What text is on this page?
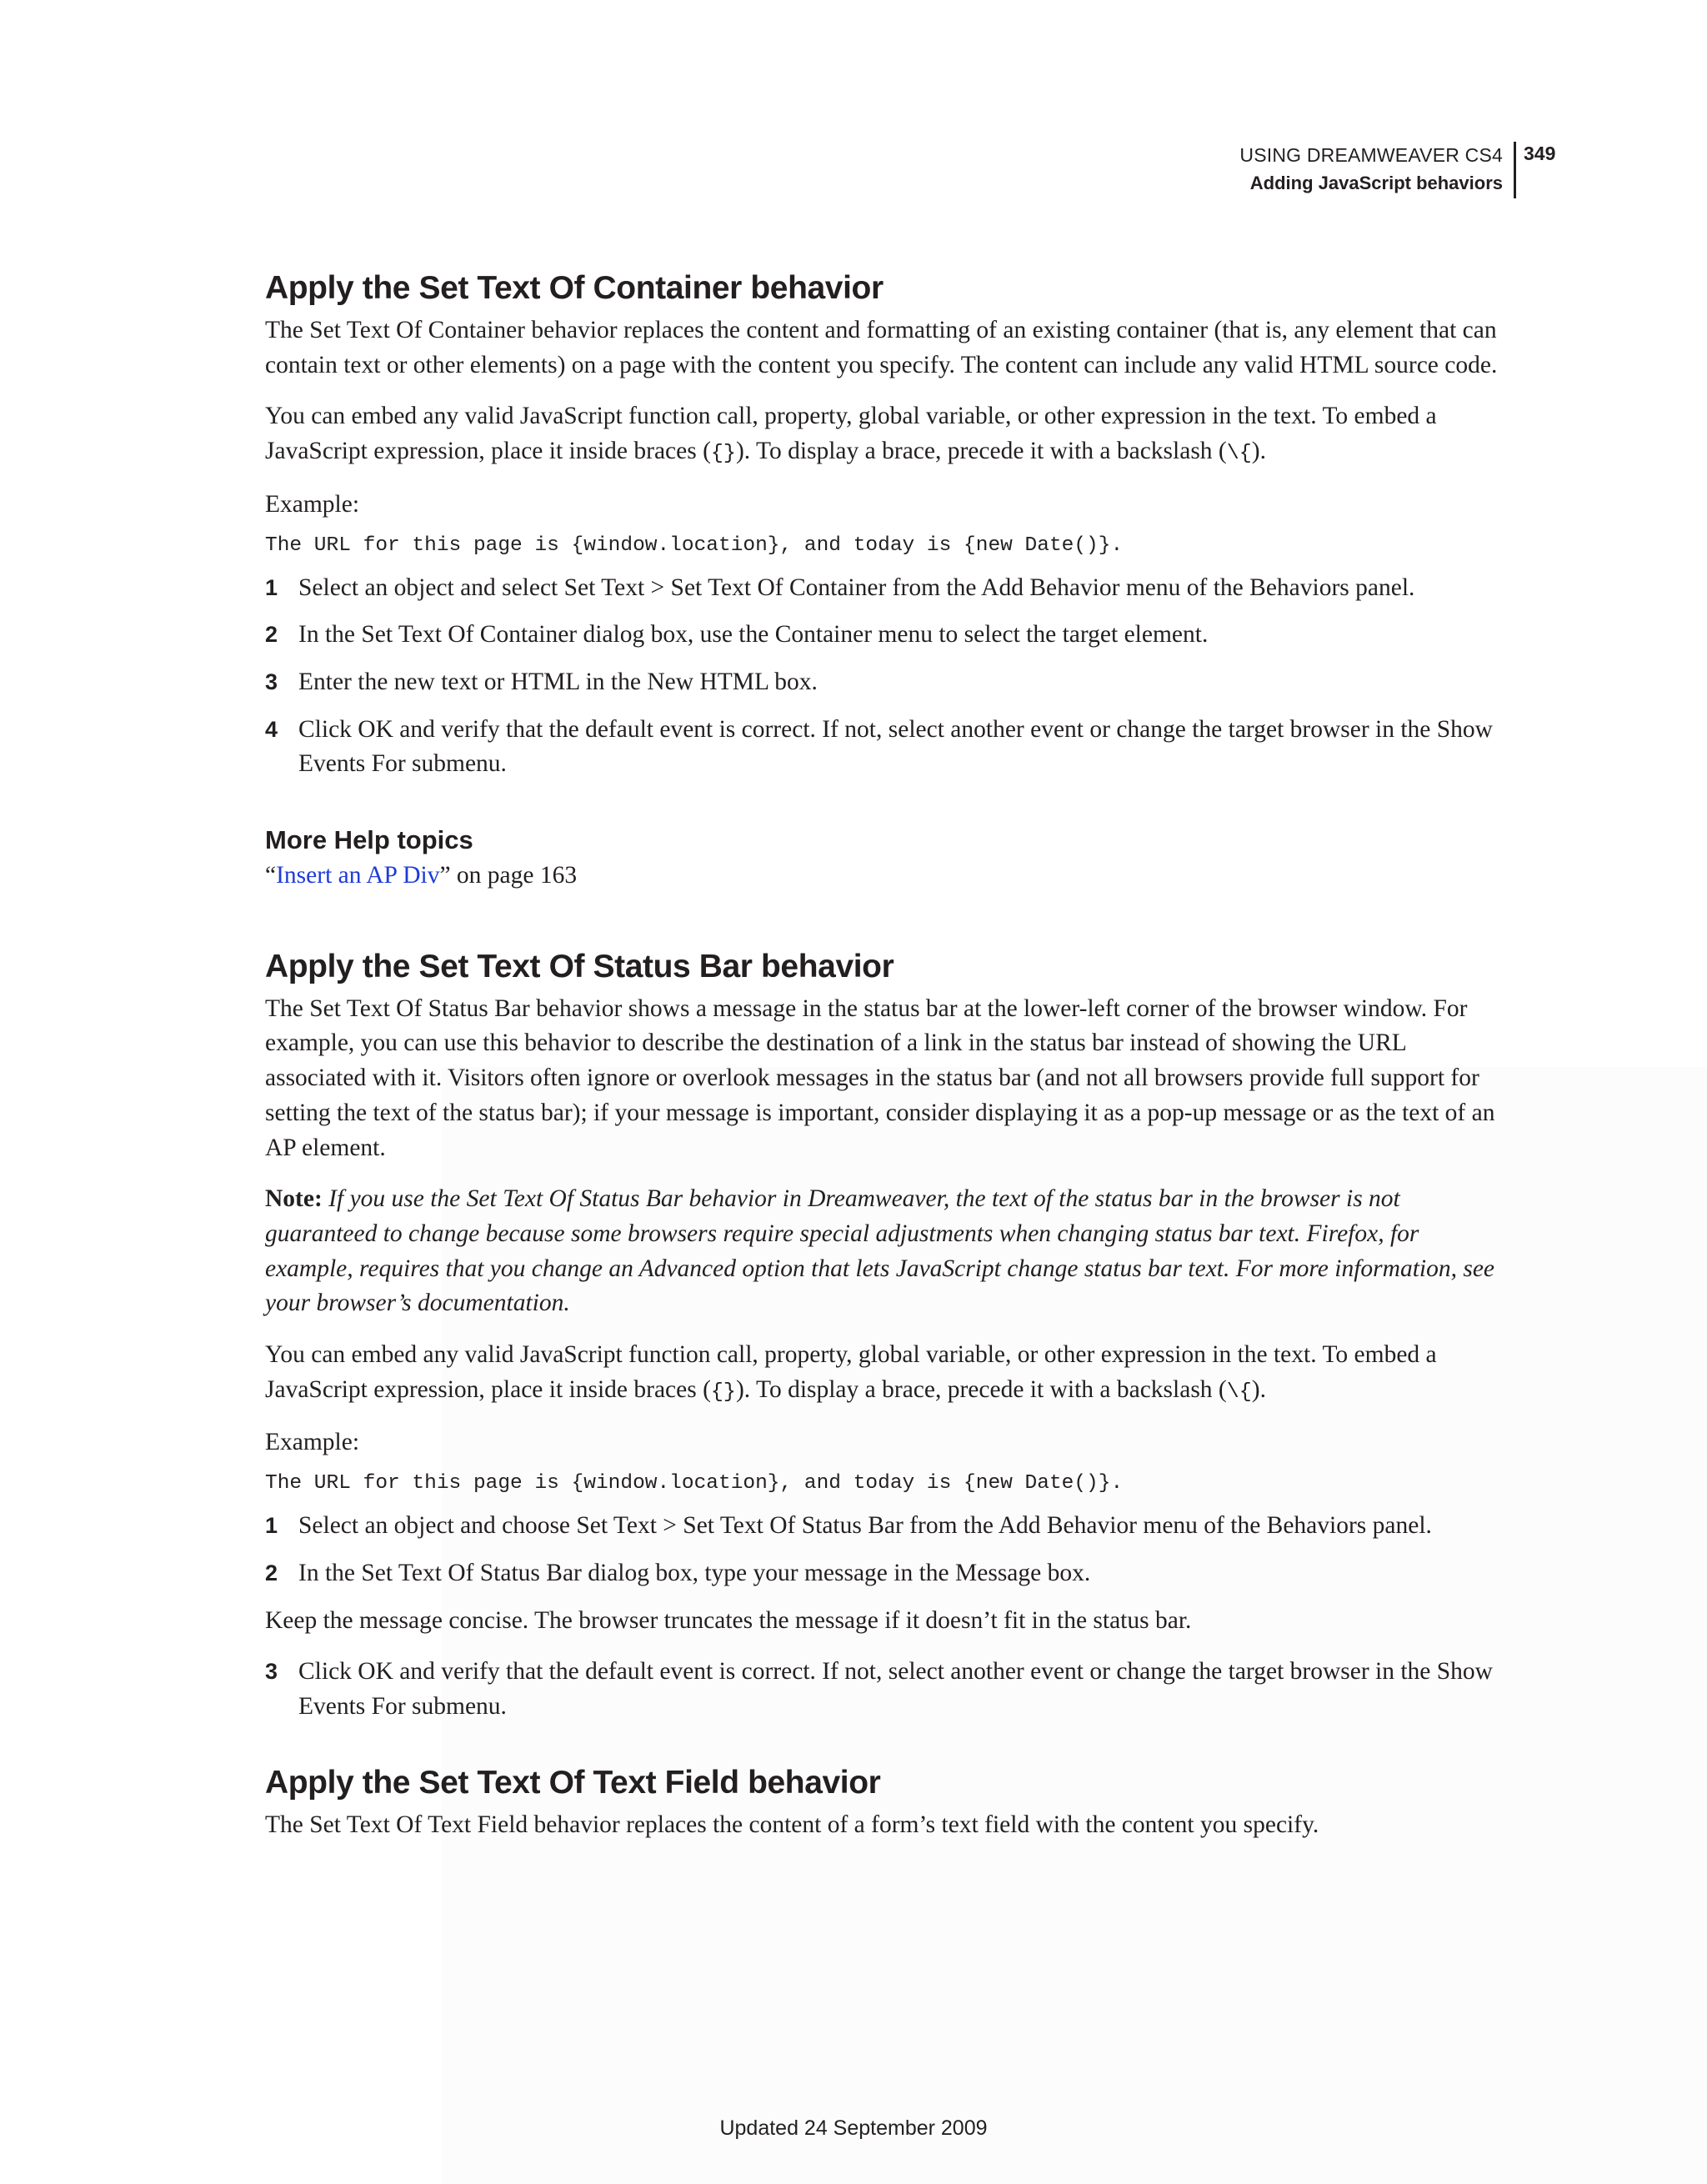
USING DREAMWEAVER CS4
Adding JavaScript behaviors
349
Apply the Set Text Of Container behavior

The Set Text Of Container behavior replaces the content and formatting of an existing container (that is, any element that can contain text or other elements) on a page with the content you specify. The content can include any valid HTML source code.

You can embed any valid JavaScript function call, property, global variable, or other expression in the text. To embed a JavaScript expression, place it inside braces ({}). To display a brace, precede it with a backslash (\{).

Example:

The URL for this page is {window.location}, and today is {new Date()}.
1 Select an object and select Set Text > Set Text Of Container from the Add Behavior menu of the Behaviors panel.
2 In the Set Text Of Container dialog box, use the Container menu to select the target element.
3 Enter the new text or HTML in the New HTML box.
4 Click OK and verify that the default event is correct. If not, select another event or change the target browser in the Show Events For submenu.
More Help topics

“Insert an AP Div” on page 163

Apply the Set Text Of Status Bar behavior

The Set Text Of Status Bar behavior shows a message in the status bar at the lower-left corner of the browser window. For example, you can use this behavior to describe the destination of a link in the status bar instead of showing the URL associated with it. Visitors often ignore or overlook messages in the status bar (and not all browsers provide full support for setting the text of the status bar); if your message is important, consider displaying it as a pop-up message or as the text of an AP element.

Note: If you use the Set Text Of Status Bar behavior in Dreamweaver, the text of the status bar in the browser is not guaranteed to change because some browsers require special adjustments when changing status bar text. Firefox, for example, requires that you change an Advanced option that lets JavaScript change status bar text. For more information, see your browser’s documentation.

You can embed any valid JavaScript function call, property, global variable, or other expression in the text. To embed a JavaScript expression, place it inside braces ({}). To display a brace, precede it with a backslash (\{).

Example:

The URL for this page is {window.location}, and today is {new Date()}.
1 Select an object and choose Set Text > Set Text Of Status Bar from the Add Behavior menu of the Behaviors panel.
2 In the Set Text Of Status Bar dialog box, type your message in the Message box.

Keep the message concise. The browser truncates the message if it doesn’t fit in the status bar.

3 Click OK and verify that the default event is correct. If not, select another event or change the target browser in the Show Events For submenu.
Apply the Set Text Of Text Field behavior

The Set Text Of Text Field behavior replaces the content of a form’s text field with the content you specify.

Updated 24 September 2009
